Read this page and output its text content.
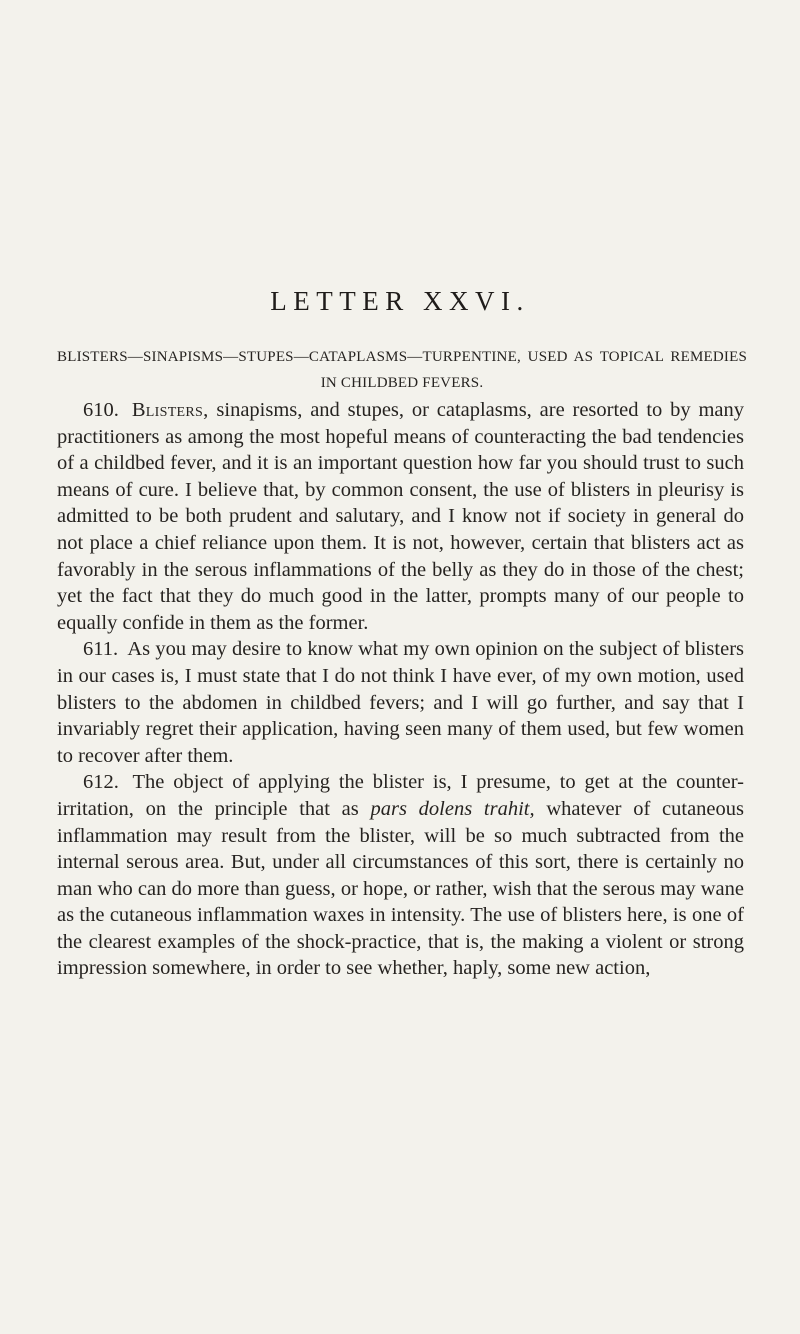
LETTER XXVI.

BLISTERS—SINAPISMS—STUPES—CATAPLASMS—TURPENTINE, USED AS TOPICAL REMEDIES IN CHILDBED FEVERS.

610. Blisters, sinapisms, and stupes, or cataplasms, are resorted to by many practitioners as among the most hopeful means of counteracting the bad tendencies of a childbed fever, and it is an important question how far you should trust to such means of cure. I believe that, by common consent, the use of blisters in pleurisy is admitted to be both prudent and salutary, and I know not if society in general do not place a chief reliance upon them. It is not, however, certain that blisters act as favorably in the serous inflammations of the belly as they do in those of the chest; yet the fact that they do much good in the latter, prompts many of our people to equally confide in them as the former.

611. As you may desire to know what my own opinion on the subject of blisters in our cases is, I must state that I do not think I have ever, of my own motion, used blisters to the abdomen in childbed fevers; and I will go further, and say that I invariably regret their application, having seen many of them used, but few women to recover after them.

612. The object of applying the blister is, I presume, to get at the counter-irritation, on the principle that as pars dolens trahit, whatever of cutaneous inflammation may result from the blister, will be so much subtracted from the internal serous area. But, under all circumstances of this sort, there is certainly no man who can do more than guess, or hope, or rather, wish that the serous may wane as the cutaneous inflammation waxes in intensity. The use of blisters here, is one of the clearest examples of the shock-practice, that is, the making a violent or strong impression somewhere, in order to see whether, haply, some new action,
